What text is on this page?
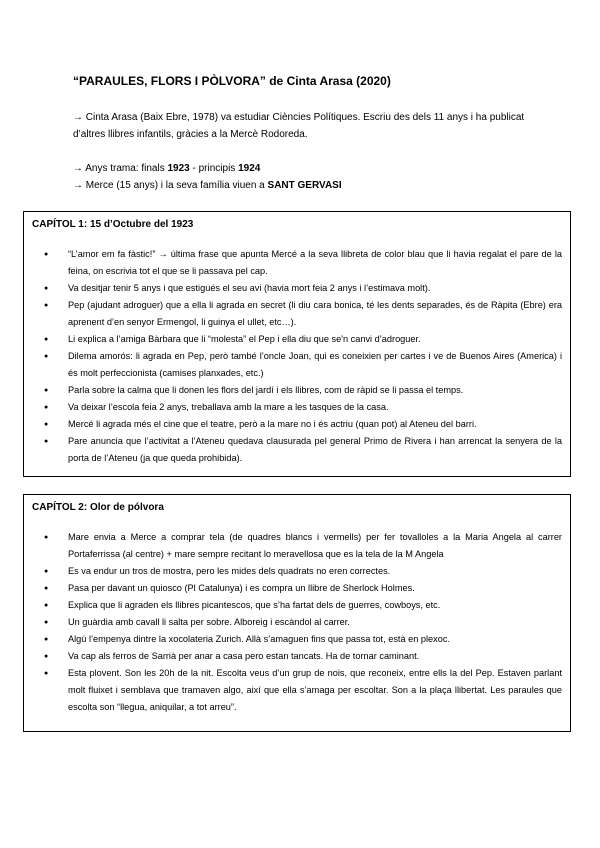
“PARAULES, FLORS I PÒLVORA” de Cinta Arasa (2020)

→ Cinta Arasa (Baix Ebre, 1978) va estudiar Ciències Polítiques. Escriu des dels 11 anys i ha publicat d’altres llibres infantils, gràcies a la Mercè Rodoreda.

→ Anys trama: finals 1923 - principis 1924

→ Merce (15 anys) i la seva família viuen a SANT GERVASI

CAPÍTOL 1: 15 d’Octubre del 1923
● “L’amor em fa fàstic!” → última frase que apunta Mercé a la seva llibreta de color blau que li havia regalat el pare de la feina, on escrivia tot el que se li passava pel cap.
● Va desitjar tenir 5 anys i que estigués el seu avi (havia mort feia 2 anys i l’estimava molt).
● Pep (ajudant adroguer) que a ella li agrada en secret (li diu cara bonica, té les dents separades, és de Ràpita (Ebre) era aprenent d’en senyor Ermengol, li guinya el ullet, etc…).
● Li explica a l’amiga Bàrbara que li “molesta” el Pep i ella diu que se'n canvi d’adroguer.
● Dilema amorós: li agrada en Pep, però també l’oncle Joan, qui es coneixien per cartes i ve de Buenos Aires (America) i és molt perfeccionista (camises planxades, etc.)
● Parla sobre la calma que li donen les flors del jardí i els llibres, com de ràpid se li passa el temps.
● Va deixar l’escola feia 2 anys, treballava amb la mare a les tasques de la casa.
● Mercé li agrada més el cine que el teatre, però a la mare no i és actriu (quan pot) al Ateneu del barri.
● Pare anuncia que l’activitat a l’Ateneu quedava clausurada pel general Primo de Rivera i han arrencat la senyera de la porta de l’Ateneu (ja que queda prohibida).
CAPÍTOL 2: Olor de pólvora
● Mare envia a Merce a comprar tela (de quadres blancs i vermells) per fer tovalloles a la Maria Angela al carrer Portaferrissa (al centre) + mare sempre recitant lo meravellosa que es la tela de la M Angela
● Es va endur un tros de mostra, pero les mides dels quadrats no eren correctes.
● Pasa per davant un quiosco (Pl Catalunya) i es compra un llibre de Sherlock Holmes.
● Explica que li agraden els llibres picantescos, que s’ha fartat dels de guerres, cowboys, etc.
● Un guàrdia amb cavall li salta per sobre. Alboreig i escàndol al carrer.
● Algú l’empenya dintre la xocolateria Zurich. Allà s’amaguen fins que passa tot, està en plexoc.
● Va cap als ferros de Sarrià per anar a casa pero estan tancats. Ha de tornar caminant.
● Esta plovent. Son les 20h de la nit. Escolta veus d’un grup de nois, que reconeix, entre ells la del Pep. Estaven parlant molt fluixet i semblava que tramaven algo, així que ella s’amaga per escoltar. Son a la plaça llibertat. Les paraules que escolta son “llegua, aniquilar, a tot arreu”.
